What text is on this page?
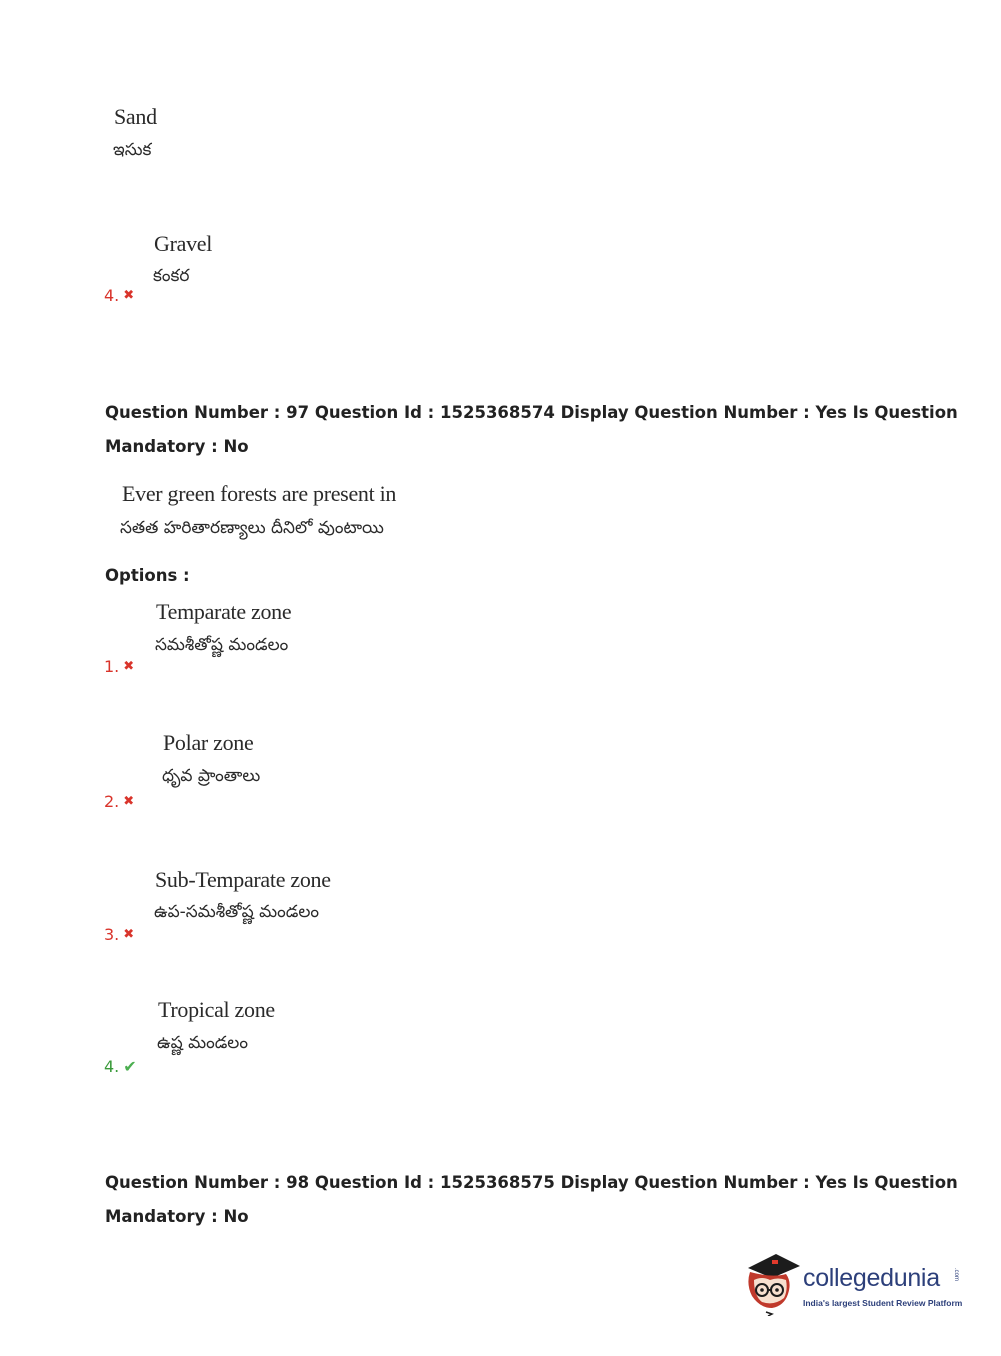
Sand
ఇసుక
Gravel
కంకర
4. ✖
Question Number : 97 Question Id : 1525368574 Display Question Number : Yes Is Question
Mandatory : No
Ever green forests are present in
సతత హరితారణ్యాలు దీనిలో వుంటాయి
Options :
Temparate zone
సమశీతోష్ణ మండలం
1. ✖
Polar zone
ధృవ ప్రాంతాలు
2. ✖
Sub-Temparate zone
ఉప-సమశీతోష్ణ మండలం
3. ✖
Tropical zone
ఉష్ణ మండలం
4. ✔
Question Number : 98 Question Id : 1525368575 Display Question Number : Yes Is Question
Mandatory : No
collegedunia .com
India's largest Student Review Platform
